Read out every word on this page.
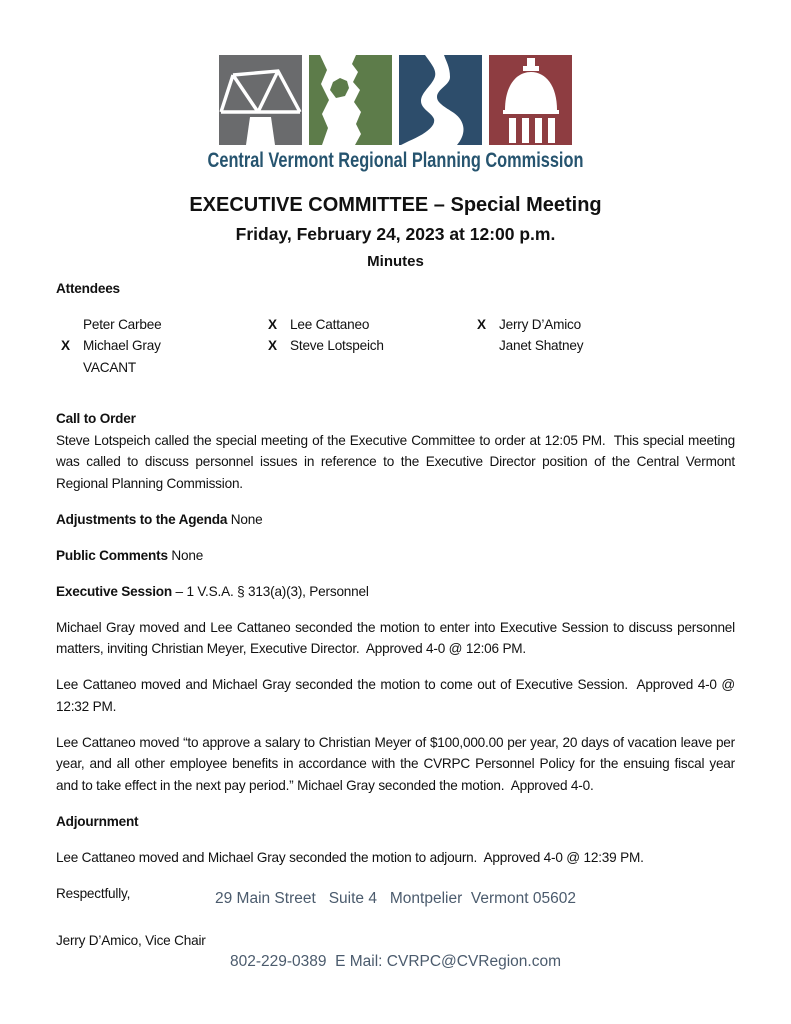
Central Vermont Regional Planning Commission
EXECUTIVE COMMITTEE – Special Meeting
Friday, February 24, 2023 at 12:00 p.m.
Minutes
Attendees
Peter Carbee
X Michael Gray
VACANT
X Lee Cattaneo
X Steve Lotspeich
X Jerry D’Amico
Janet Shatney

Call to Order
Steve Lotspeich called the special meeting of the Executive Committee to order at 12:05 PM.  This special meeting was called to discuss personnel issues in reference to the Executive Director position of the Central Vermont Regional Planning Commission.

Adjustments to the Agenda None

Public Comments None

Executive Session – 1 V.S.A. § 313(a)(3), Personnel

Michael Gray moved and Lee Cattaneo seconded the motion to enter into Executive Session to discuss personnel matters, inviting Christian Meyer, Executive Director.  Approved 4-0 @ 12:06 PM.

Lee Cattaneo moved and Michael Gray seconded the motion to come out of Executive Session.  Approved 4-0 @ 12:32 PM.

Lee Cattaneo moved “to approve a salary to Christian Meyer of $100,000.00 per year, 20 days of vacation leave per year, and all other employee benefits in accordance with the CVRPC Personnel Policy for the ensuing fiscal year and to take effect in the next pay period.” Michael Gray seconded the motion.  Approved 4-0.

Adjournment

Lee Cattaneo moved and Michael Gray seconded the motion to adjourn.  Approved 4-0 @ 12:39 PM.

Respectfully,

Jerry D’Amico, Vice Chair

29 Main Street   Suite 4   Montpelier  Vermont 05602

802-229-0389  E Mail: CVRPC@CVRegion.com
